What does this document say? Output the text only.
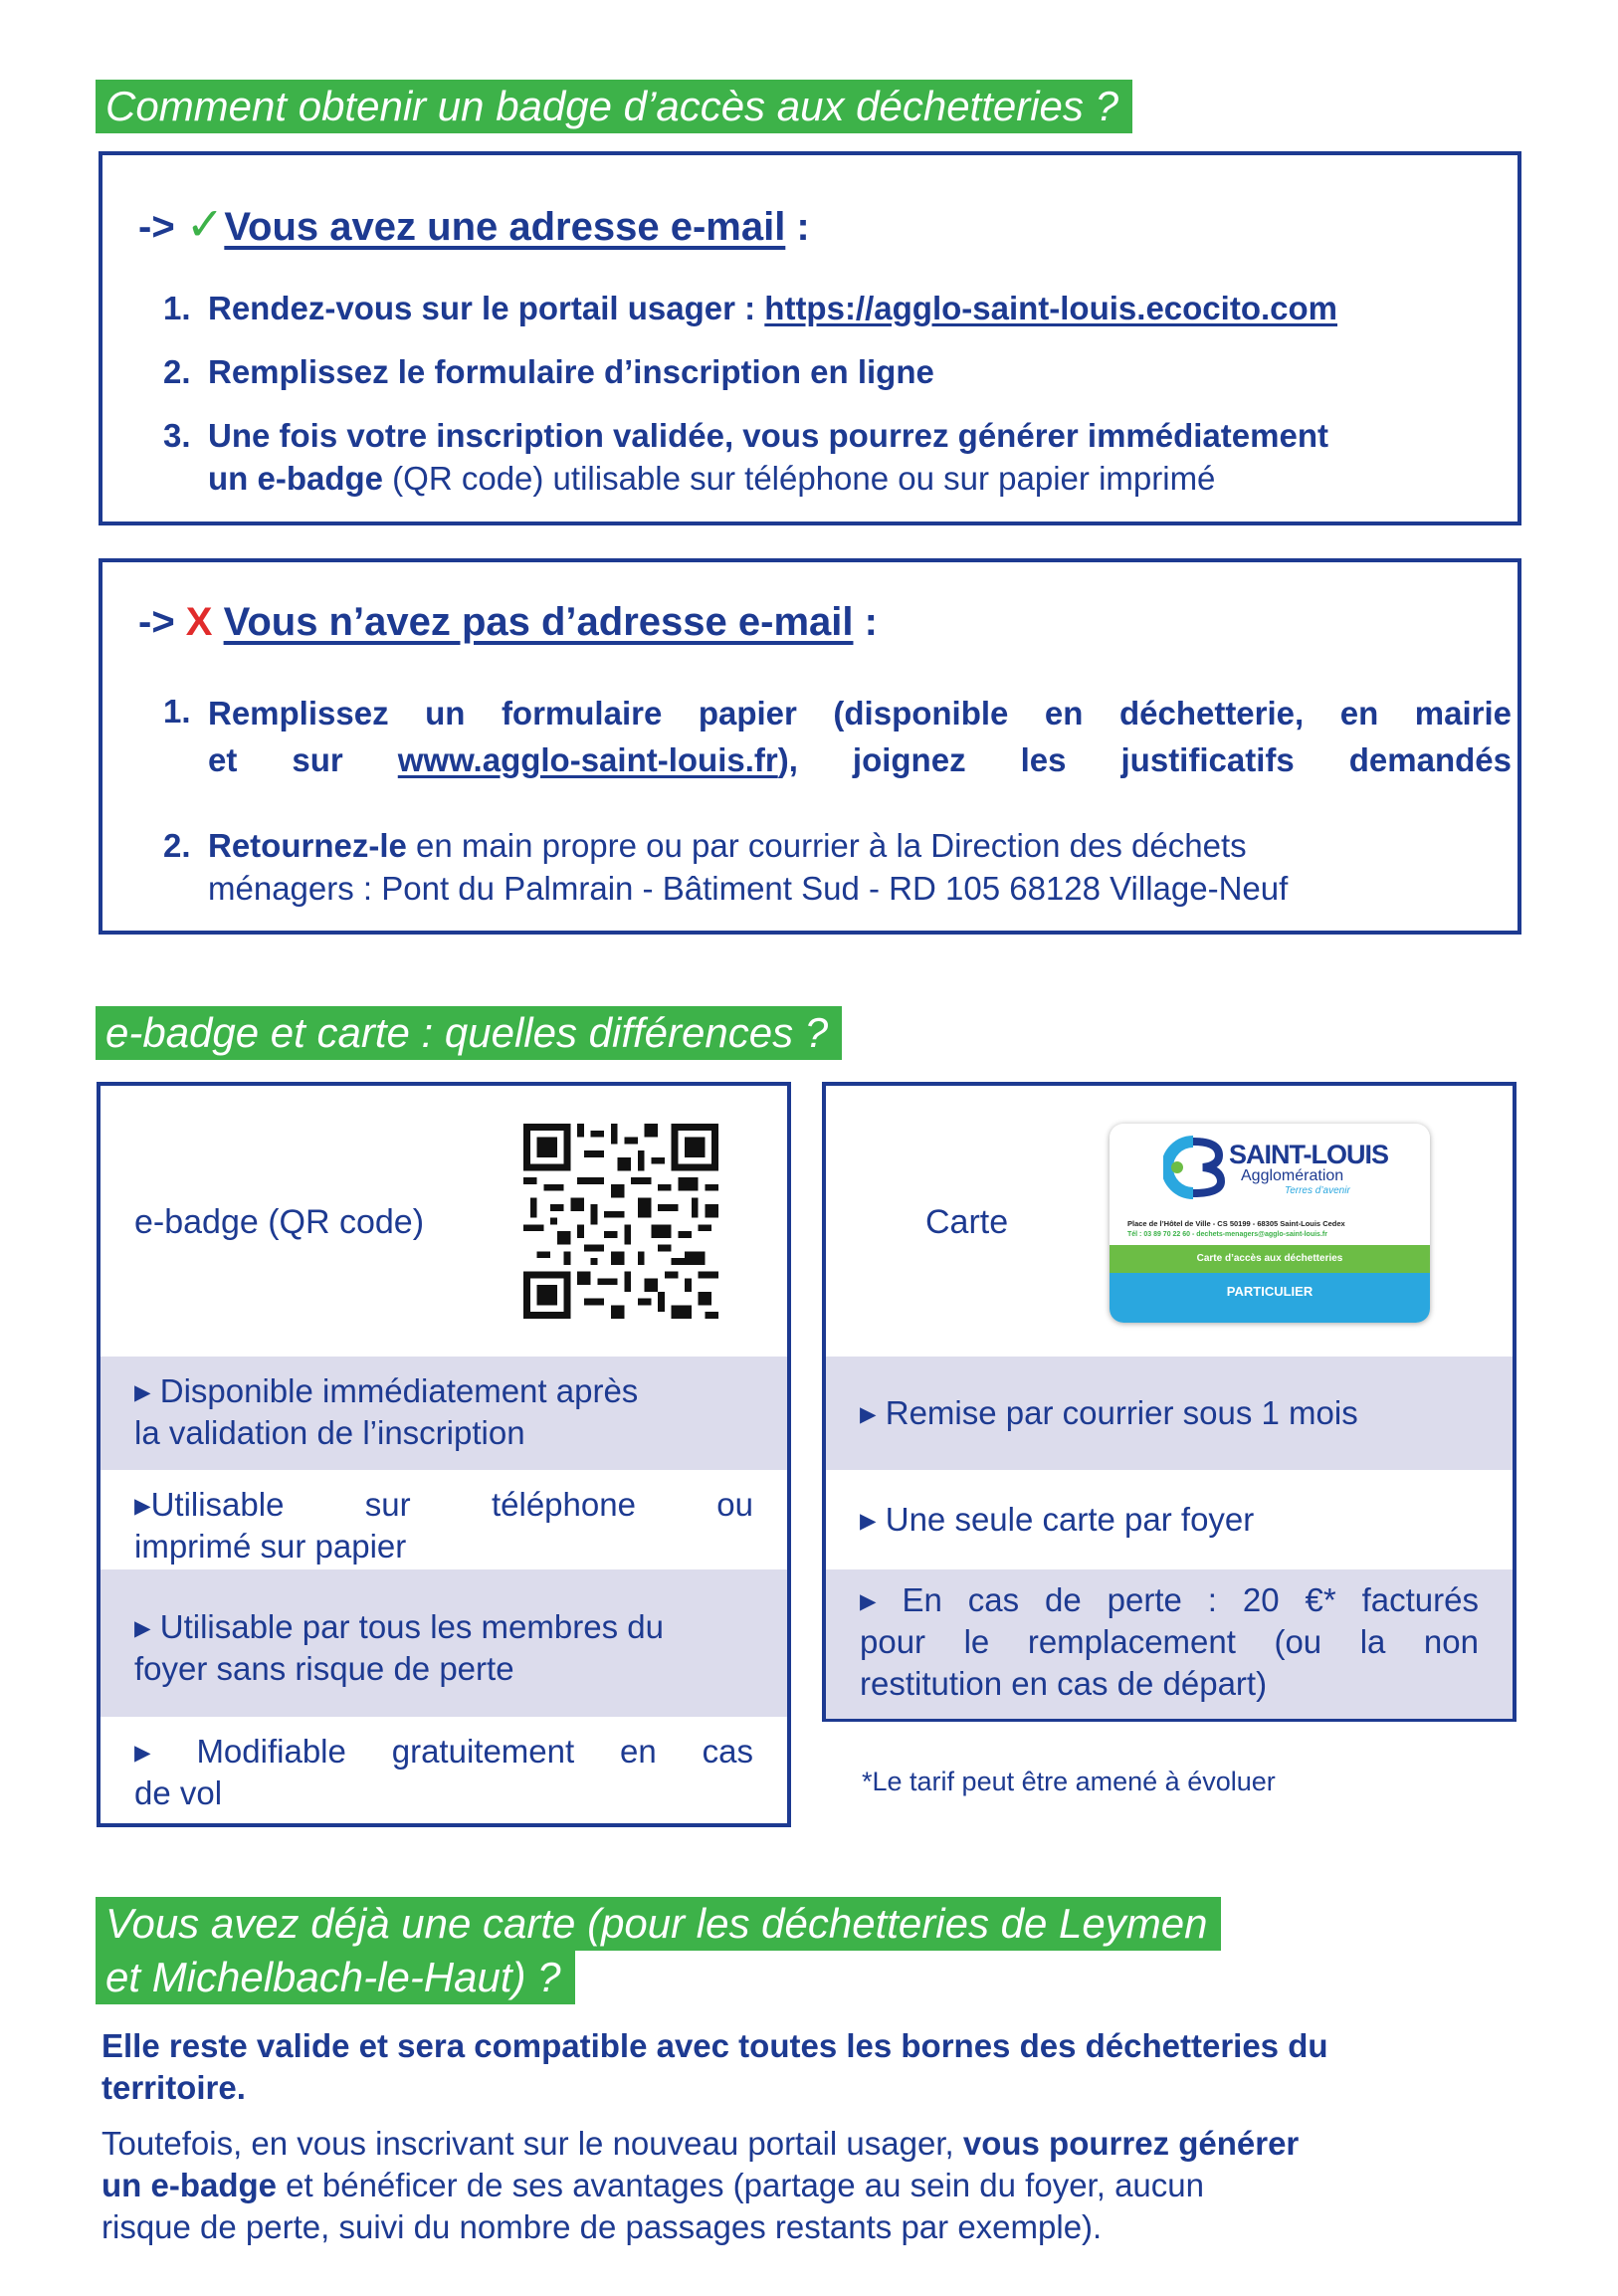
Comment obtenir un badge d’accès aux déchetteries ?
-> ✓Vous avez une adresse e-mail :
1. Rendez-vous sur le portail usager : https://agglo-saint-louis.ecocito.com
2. Remplissez le formulaire d’inscription en ligne
3. Une fois votre inscription validée, vous pourrez générer immédiatement
un e-badge (QR code) utilisable sur téléphone ou sur papier imprimé
-> X Vous n’avez pas d’adresse e-mail :
1. Remplissez un formulaire papier (disponible en déchetterie, en mairie
et sur www.agglo-saint-louis.fr), joignez les justificatifs demandés
2. Retournez-le en main propre ou par courrier à la Direction des déchets
ménagers : Pont du Palmrain - Bâtiment Sud - RD 105 68128 Village-Neuf
e-badge et carte : quelles différences ?
e-badge (QR code)
▸ Disponible immédiatement après
la validation de l’inscription
▸Utilisable sur téléphone ou
imprimé sur papier
▸ Utilisable par tous les membres du
foyer sans risque de perte
▸ Modifiable gratuitement en cas
de vol
Carte
SAINT-LOUIS
Agglomération
Terres d’avenir
Place de l’Hôtel de Ville - CS 50199 - 68305 Saint-Louis Cedex
Tél : 03 89 70 22 60 - dechets-menagers@agglo-saint-louis.fr
Carte d’accès aux déchetteries
PARTICULIER
▸ Remise par courrier sous 1 mois
▸ Une seule carte par foyer
▸ En cas de perte : 20 €* facturés
pour le remplacement (ou la non
restitution en cas de départ)
*Le tarif peut être amené à évoluer
Vous avez déjà une carte (pour les déchetteries de Leymen
et Michelbach-le-Haut) ?
Elle reste valide et sera compatible avec toutes les bornes des déchetteries du
territoire.
Toutefois, en vous inscrivant sur le nouveau portail usager, vous pourrez générer
un e-badge et bénéficer de ses avantages (partage au sein du foyer, aucun
risque de perte, suivi du nombre de passages restants par exemple).
